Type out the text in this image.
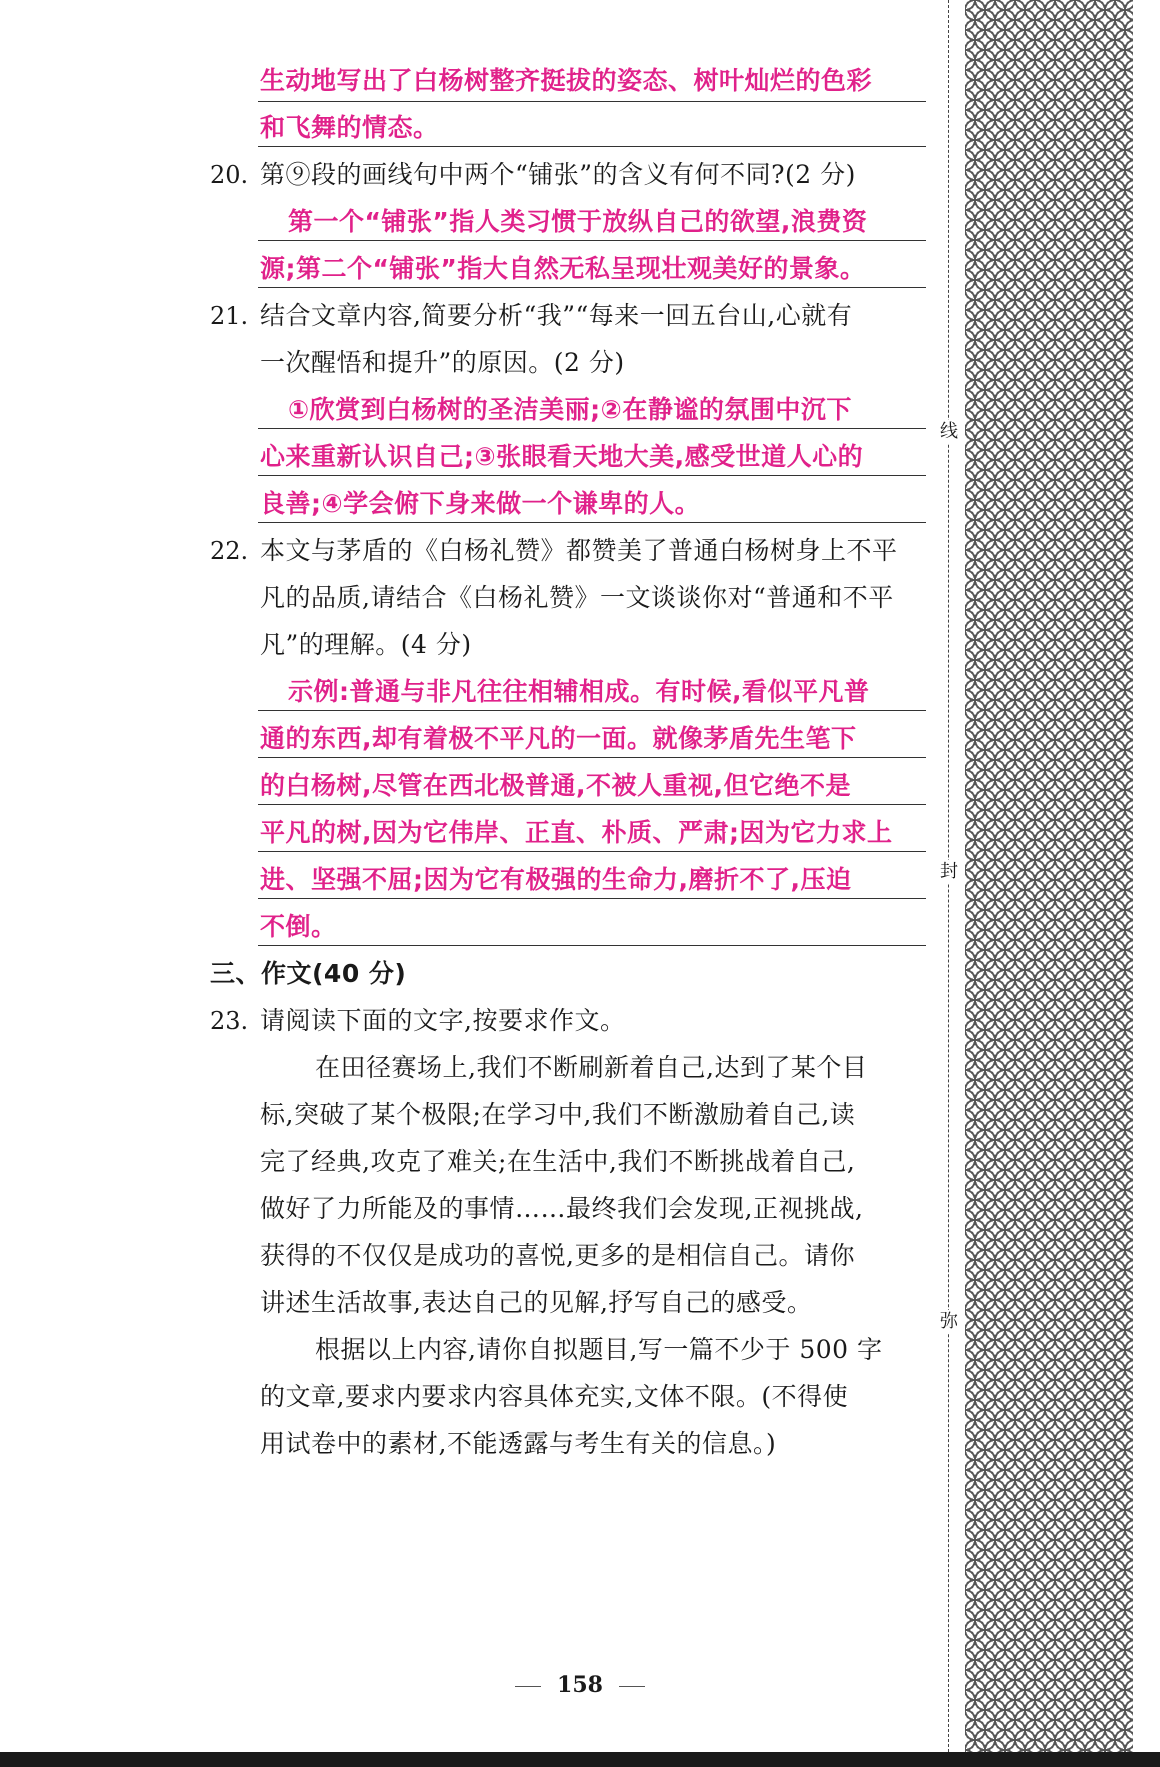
生动地写出了白杨树整齐挺拔的姿态、树叶灿烂的色彩
和飞舞的情态。
20. 第⑨段的画线句中两个“铺张”的含义有何不同?(2 分)
第一个“铺张”指人类习惯于放纵自己的欲望,浪费资
源;第二个“铺张”指大自然无私呈现壮观美好的景象。
21. 结合文章内容,简要分析“我”“每来一回五台山,心就有
一次醒悟和提升”的原因。(2 分)
①欣赏到白杨树的圣洁美丽;②在静谧的氛围中沉下
心来重新认识自己;③张眼看天地大美,感受世道人心的
良善;④学会俯下身来做一个谦卑的人。
22. 本文与茅盾的《白杨礼赞》都赞美了普通白杨树身上不平
凡的品质,请结合《白杨礼赞》一文谈谈你对“普通和不平
凡”的理解。(4 分)
示例:普通与非凡往往相辅相成。有时候,看似平凡普
通的东西,却有着极不平凡的一面。就像茅盾先生笔下
的白杨树,尽管在西北极普通,不被人重视,但它绝不是
平凡的树,因为它伟岸、正直、朴质、严肃;因为它力求上
进、坚强不屈;因为它有极强的生命力,磨折不了,压迫
不倒。
三、作文(40 分)
23. 请阅读下面的文字,按要求作文。
在田径赛场上,我们不断刷新着自己,达到了某个目
标,突破了某个极限;在学习中,我们不断激励着自己,读
完了经典,攻克了难关;在生活中,我们不断挑战着自己,
做好了力所能及的事情……最终我们会发现,正视挑战,
获得的不仅仅是成功的喜悦,更多的是相信自己。请你
讲述生活故事,表达自己的见解,抒写自己的感受。
根据以上内容,请你自拟题目,写一篇不少于 500 字
的文章,要求内要求内容具体充实,文体不限。(不得使
用试卷中的素材,不能透露与考生有关的信息。)
线
封
弥
158
